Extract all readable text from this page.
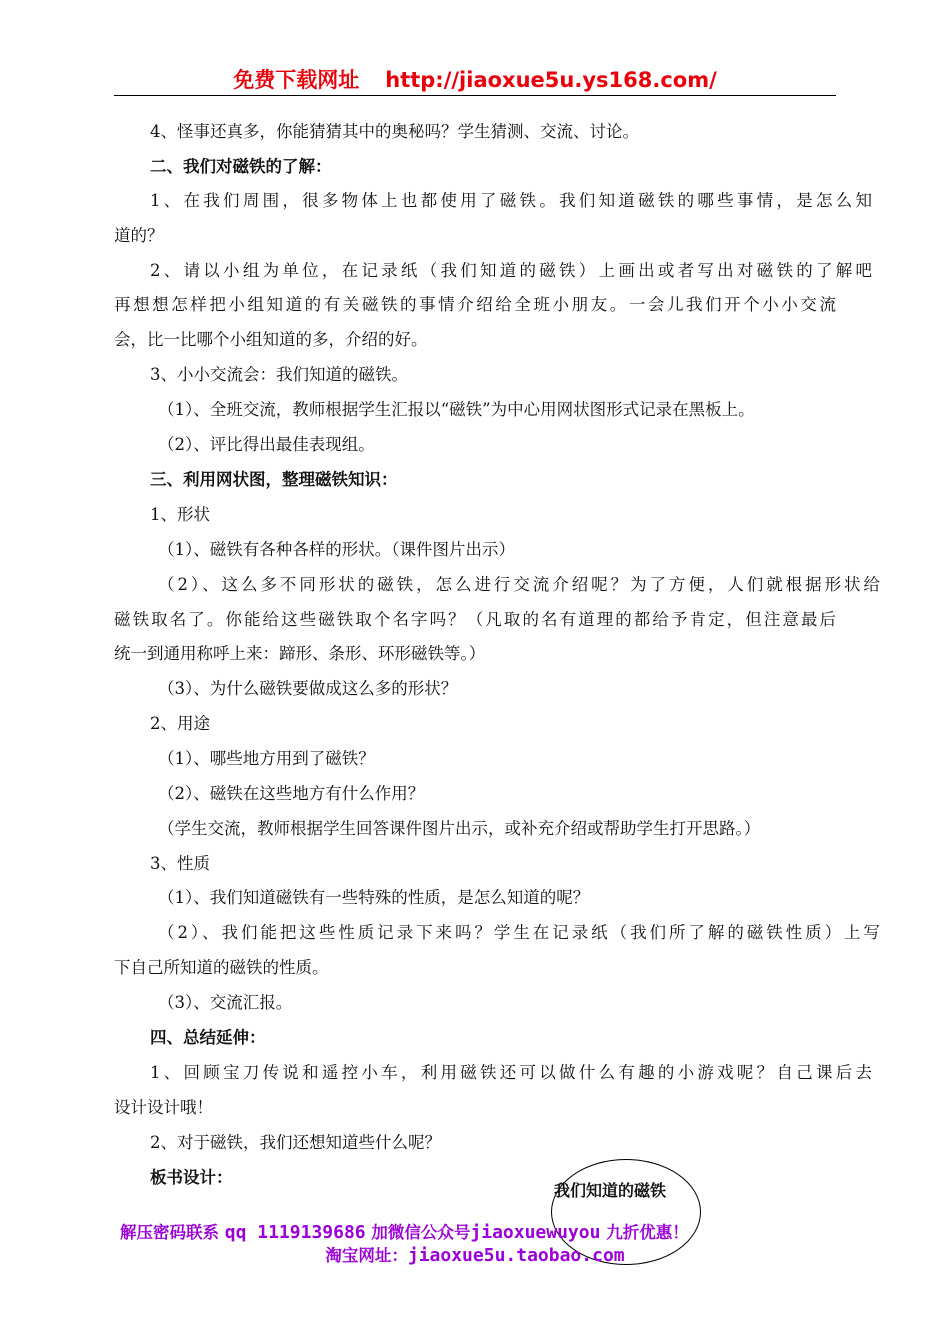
免费下载网址 http://jiaoxue5u.ys168.com/
4、怪事还真多，你能猜猜其中的奥秘吗？学生猜测、交流、讨论。
二、我们对磁铁的了解：
1、在我们周围，很多物体上也都使用了磁铁。我们知道磁铁的哪些事情，是怎么知
道的？
2、请以小组为单位，在记录纸（我们知道的磁铁）上画出或者写出对磁铁的了解吧
再想想怎样把小组知道的有关磁铁的事情介绍给全班小朋友。一会儿我们开个小小交流
会，比一比哪个小组知道的多，介绍的好。
3、小小交流会：我们知道的磁铁。
（1）、全班交流，教师根据学生汇报以“磁铁”为中心用网状图形式记录在黑板上。
（2）、评比得出最佳表现组。
三、利用网状图，整理磁铁知识：
1、形状
（1）、磁铁有各种各样的形状。（课件图片出示）
（2）、这么多不同形状的磁铁，怎么进行交流介绍呢？为了方便，人们就根据形状给
磁铁取名了。你能给这些磁铁取个名字吗？（凡取的名有道理的都给予肯定，但注意最后
统一到通用称呼上来：蹄形、条形、环形磁铁等。）
（3）、为什么磁铁要做成这么多的形状？
2、用途
（1）、哪些地方用到了磁铁？
（2）、磁铁在这些地方有什么作用？
（学生交流，教师根据学生回答课件图片出示，或补充介绍或帮助学生打开思路。）
3、性质
（1）、我们知道磁铁有一些特殊的性质，是怎么知道的呢？
（2）、我们能把这些性质记录下来吗？学生在记录纸（我们所了解的磁铁性质）上写
下自己所知道的磁铁的性质。
（3）、交流汇报。
四、总结延伸：
1、回顾宝刀传说和遥控小车，利用磁铁还可以做什么有趣的小游戏呢？自己课后去
设计设计哦！
2、对于磁铁，我们还想知道些什么呢？
板书设计：
我们知道的磁铁
解压密码联系 qq 1119139686 加微信公众号jiaoxuewuyou 九折优惠！
淘宝网址：jiaoxue5u.taobao.com
